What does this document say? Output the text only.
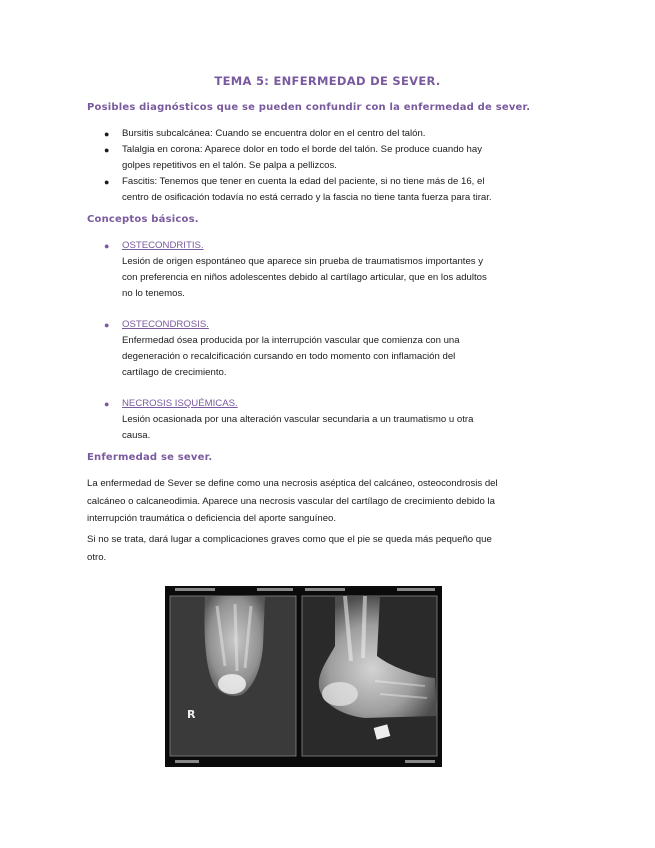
TEMA 5: ENFERMEDAD DE SEVER.
Posibles diagnósticos que se pueden confundir con la enfermedad de sever.
● Bursitis subcalcánea: Cuando se encuentra dolor en el centro del talón.
● Talalgia en corona: Aparece dolor en todo el borde del talón. Se produce cuando hay
golpes repetitivos en el talón. Se palpa a pellizcos.
● Fascitis: Tenemos que tener en cuenta la edad del paciente, si no tiene más de 16, el
centro de osificación todavía no está cerrado y la fascia no tiene tanta fuerza para tirar.
Conceptos básicos.
● OSTECONDRITIS.
Lesión de origen espontáneo que aparece sin prueba de traumatismos importantes y
con preferencia en niños adolescentes debido al cartílago articular, que en los adultos
no lo tenemos.
● OSTECONDROSIS.
Enfermedad ósea producida por la interrupción vascular que comienza con una
degeneración o recalcificación cursando en todo momento con inflamación del
cartílago de crecimiento.
● NECROSIS ISQUÉMICAS.
Lesión ocasionada por una alteración vascular secundaria a un traumatismo u otra
causa.
Enfermedad se sever.
La enfermedad de Sever se define como una necrosis aséptica del calcáneo, osteocondrosis del
calcáneo o calcaneodimia. Aparece una necrosis vascular del cartílago de crecimiento debido la
interrupción traumática o deficiencia del aporte sanguíneo.
Si no se trata, dará lugar a complicaciones graves como que el pie se queda más pequeño que
otro.
R
